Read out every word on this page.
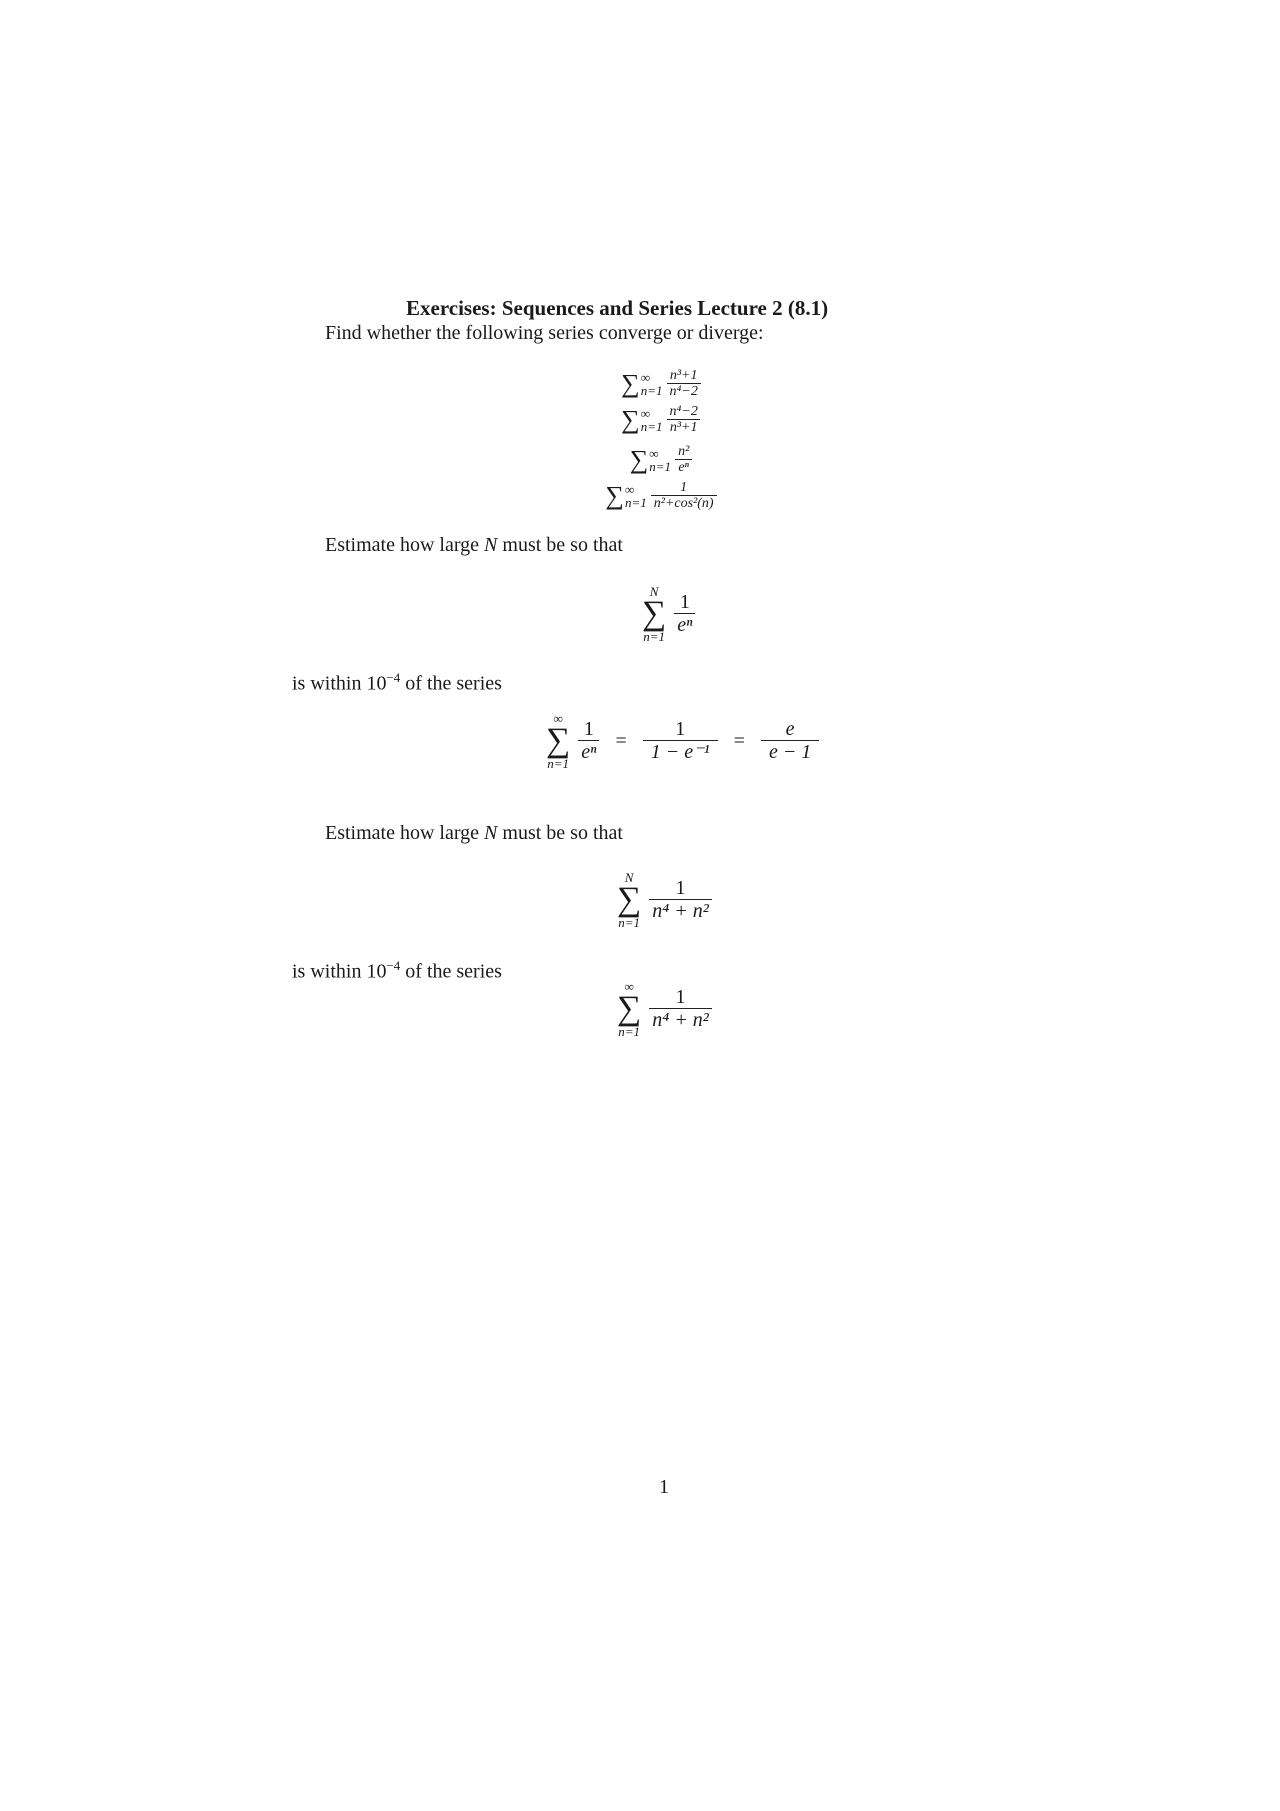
Exercises: Sequences and Series Lecture 2 (8.1)
Find whether the following series converge or diverge:
∑ ∞
$n=1 \frac{\text{n³+1}}{\text{n⁴−2}}$
∑ ∞
$n=1 \frac{\text{n⁴−2}}{\text{n³+1}}$
∑ ∞
$n=1 \frac{\text{n²}}{\text{eⁿ}}$
∑ ∞
$n=1 \frac{1}{\text{n²+cos²(n)}}$
Estimate how large N must be so that
N
∑
$n=1 \frac{1}{\text{eⁿ}}$
is within $10^{-4}$ of the series
∞
∑
$n=1 \frac{1}{\text{eⁿ}} = \frac{1}{\text{1 − e⁻¹}} = \frac{e}{e - 1}$
Estimate how large N must be so that
N
∑
$n=1 \frac{1}{\text{n⁴ + n²}}$
is within $10^{-4}$ of the series
∞
∑
$n=1 \frac{1}{\text{n⁴ + n²}}$
1
